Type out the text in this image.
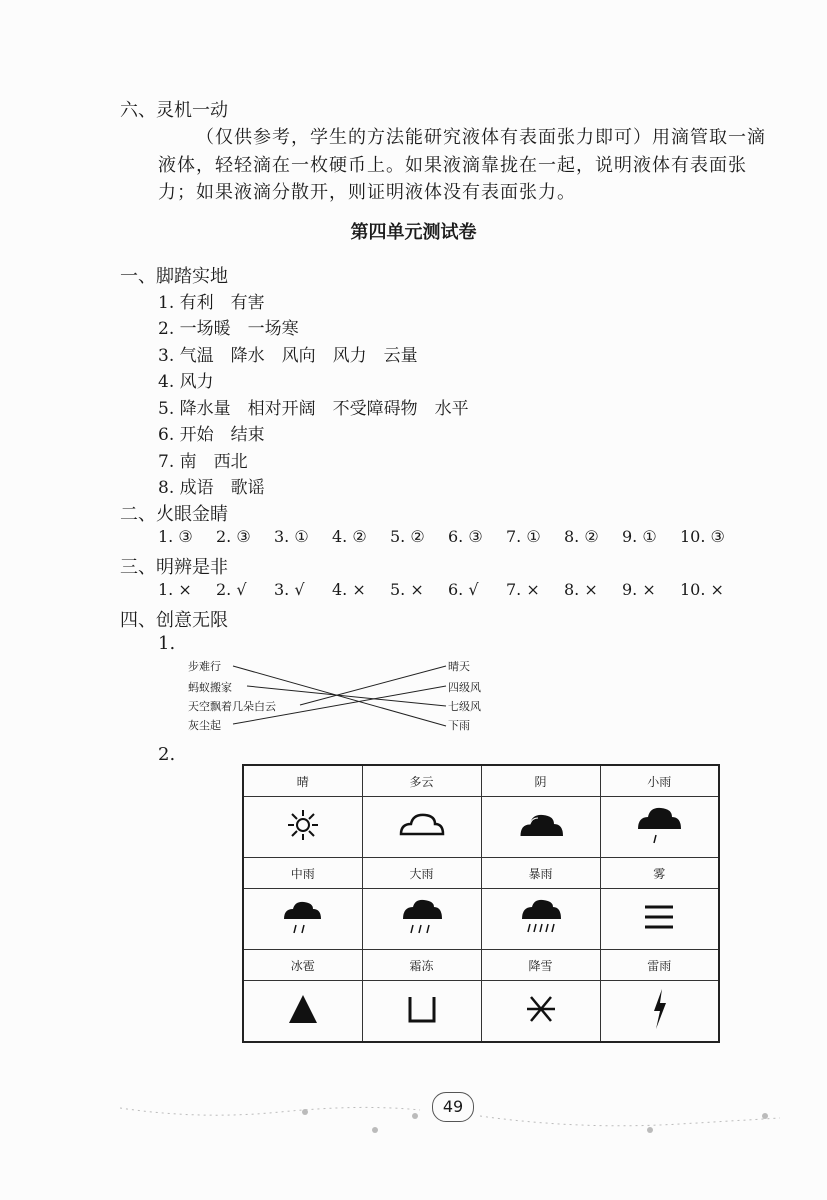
六、灵机一动
（仅供参考，学生的方法能研究液体有表面张力即可）用滴管取一滴
液体，轻轻滴在一枚硬币上。如果液滴靠拢在一起，说明液体有表面张
力；如果液滴分散开，则证明液体没有表面张力。
第四单元测试卷
一、脚踏实地
1. 有利　有害
2. 一场暖　一场寒
3. 气温　降水　风向　风力　云量
4. 风力
5. 降水量　相对开阔　不受障碍物　水平
6. 开始　结束
7. 南　西北
8. 成语　歌谣
二、火眼金睛
1. ③	2. ③	3. ①	4. ②	5. ②	6. ③	7. ①	8. ②	9. ①	10. ③
三、明辨是非
1. ×	2. √	3. √	4. ×	5. ×	6. √	7. ×	8. ×	9. ×	10. ×
四、创意无限
1.
步难行
蚂蚁搬家
天空飘着几朵白云
灰尘起
晴天
四级风
七级风
下雨
2.
晴	多云	阴	小雨

中雨	大雨	暴雨	雾

冰雹	霜冻	降雪	雷雨

49
